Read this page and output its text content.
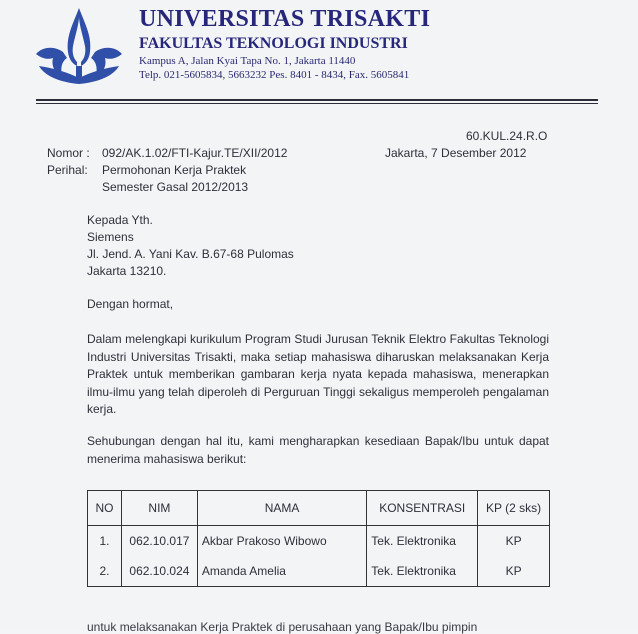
UNIVERSITAS TRISAKTI
FAKULTAS TEKNOLOGI INDUSTRI
Kampus A, Jalan Kyai Tapa No. 1, Jakarta 11440
Telp. 021-5605834, 5663232 Pes. 8401 - 8434, Fax. 5605841
60.KUL.24.R.O
Nomor : 092/AK.1.02/FTI-Kajur.TE/XII/2012	Jakarta, 7 Desember 2012
Perihal: Permohonan Kerja Praktek
Semester Gasal 2012/2013
Kepada Yth.
Siemens
Jl. Jend. A. Yani Kav. B.67-68 Pulomas
Jakarta 13210.
Dengan hormat,
Dalam melengkapi kurikulum Program Studi Jurusan Teknik Elektro Fakultas Teknologi Industri Universitas Trisakti, maka setiap mahasiswa diharuskan melaksanakan Kerja Praktek untuk memberikan gambaran kerja nyata kepada mahasiswa, menerapkan ilmu-ilmu yang telah diperoleh di Perguruan Tinggi sekaligus memperoleh pengalaman kerja.
Sehubungan dengan hal itu, kami mengharapkan kesediaan Bapak/Ibu untuk dapat menerima mahasiswa berikut:
NO	NIM	NAMA	KONSENTRASI	KP (2 sks)
1.	062.10.017	Akbar Prakoso Wibowo	Tek. Elektronika	KP
2.	062.10.024	Amanda Amelia	Tek. Elektronika	KP
untuk melaksanakan Kerja Praktek di perusahaan yang Bapak/Ibu pimpin
